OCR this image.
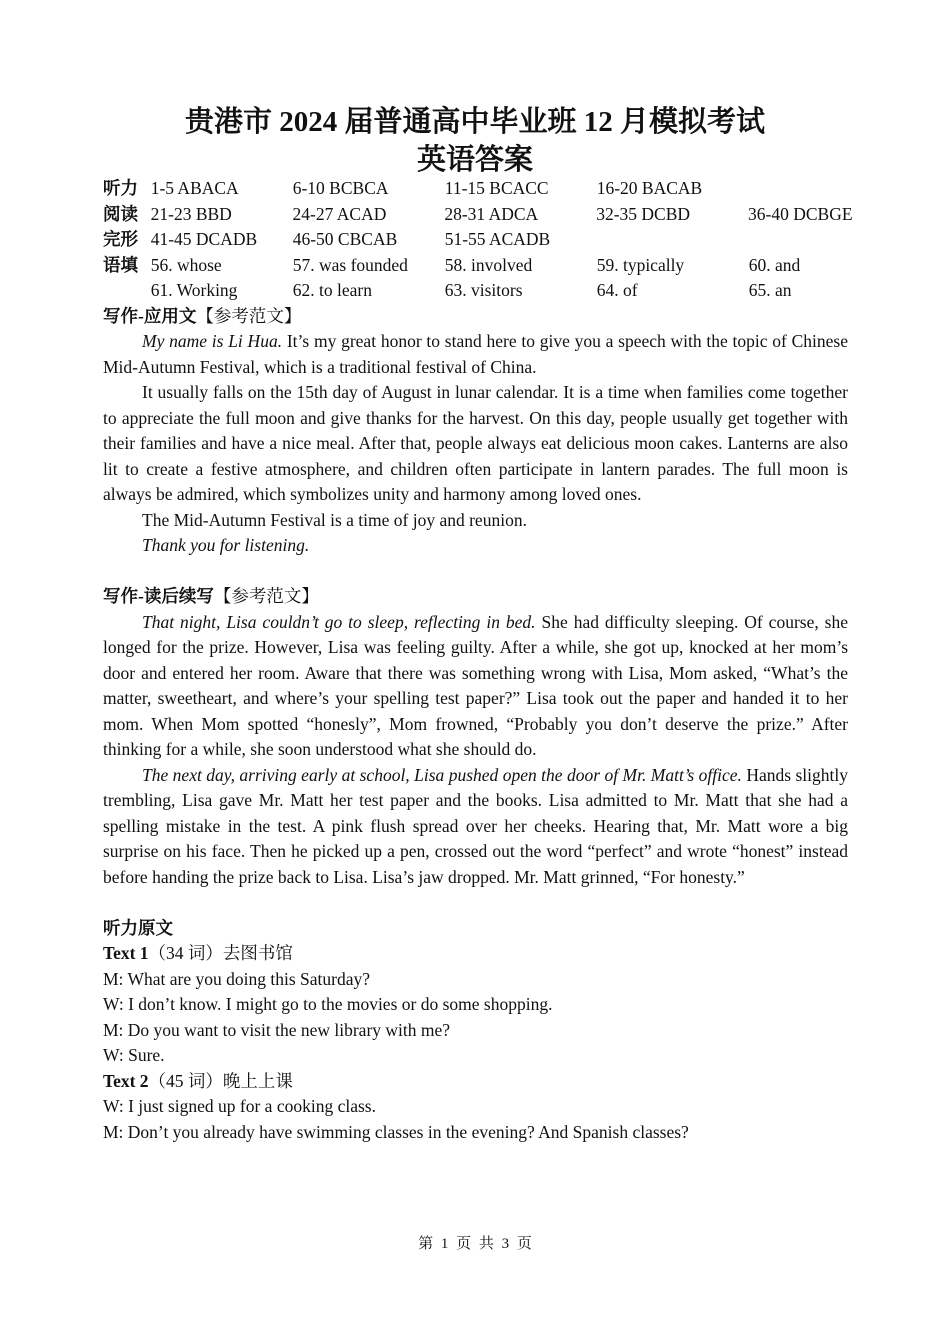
贵港市 2024 届普通高中毕业班 12 月模拟考试
英语答案
听力 1-5 ABACA	6-10 BCBCA	11-15 BCACC	16-20 BACAB
阅读 21-23 BBD	24-27 ACAD	28-31 ADCA	32-35 DCBD	36-40 DCBGE
完形 41-45 DCADB	46-50 CBCAB	51-55 ACADB
语填 56. whose	57. was founded	58. involved	59. typically	60. and
61. Working	62. to learn	63. visitors	64. of	65. an
写作-应用文【参考范文】

My name is Li Hua. It’s my great honor to stand here to give you a speech with the topic of Chinese Mid-Autumn Festival, which is a traditional festival of China.

It usually falls on the 15th day of August in lunar calendar. It is a time when families come together to appreciate the full moon and give thanks for the harvest. On this day, people usually get together with their families and have a nice meal. After that, people always eat delicious moon cakes. Lanterns are also lit to create a festive atmosphere, and children often participate in lantern parades. The full moon is always be admired, which symbolizes unity and harmony among loved ones.

The Mid-Autumn Festival is a time of joy and reunion.

Thank you for listening.

写作-读后续写【参考范文】

That night, Lisa couldn’t go to sleep, reflecting in bed. She had difficulty sleeping. Of course, she longed for the prize. However, Lisa was feeling guilty. After a while, she got up, knocked at her mom’s door and entered her room. Aware that there was something wrong with Lisa, Mom asked, “What’s the matter, sweetheart, and where’s your spelling test paper?” Lisa took out the paper and handed it to her mom. When Mom spotted “honesly”, Mom frowned, “Probably you don’t deserve the prize.” After thinking for a while, she soon understood what she should do.

The next day, arriving early at school, Lisa pushed open the door of Mr. Matt’s office. Hands slightly trembling, Lisa gave Mr. Matt her test paper and the books. Lisa admitted to Mr. Matt that she had a spelling mistake in the test. A pink flush spread over her cheeks. Hearing that, Mr. Matt wore a big surprise on his face. Then he picked up a pen, crossed out the word “perfect” and wrote “honest” instead before handing the prize back to Lisa. Lisa’s jaw dropped. Mr. Matt grinned, “For honesty.”

听力原文
Text 1（34 词）去图书馆
M: What are you doing this Saturday?
W: I don’t know. I might go to the movies or do some shopping.
M: Do you want to visit the new library with me?
W: Sure.
Text 2（45 词）晚上上课
W: I just signed up for a cooking class.
M: Don’t you already have swimming classes in the evening? And Spanish classes?
第 1 页 共 3 页
